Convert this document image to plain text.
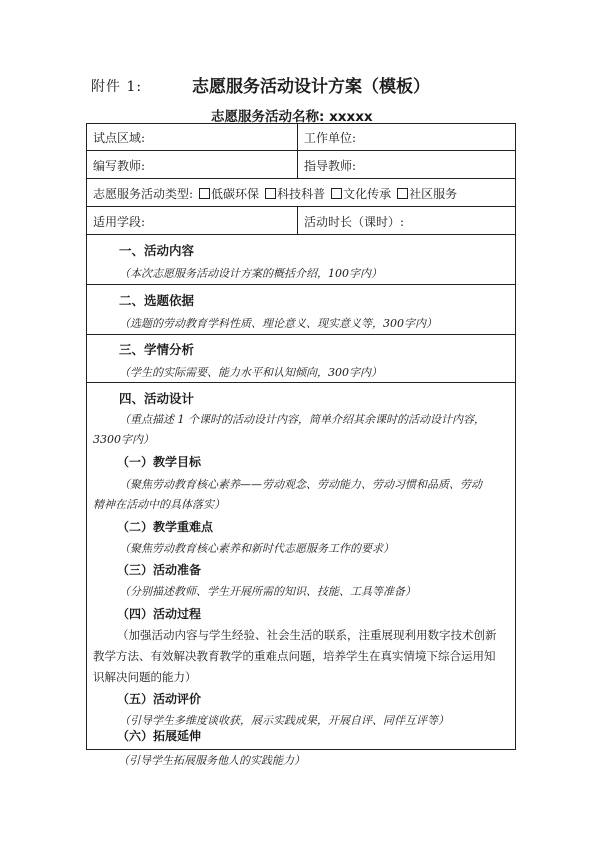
附件 1:	志愿服务活动设计方案（模板）
志愿服务活动名称: xxxxx
试点区域:	工作单位:
编写教师:	指导教师:
志愿服务活动类型: 低碳环保 科技科普 文化传承 社区服务
适用学段:	活动时长（课时）:
一、活动内容
（本次志愿服务活动设计方案的概括介绍，100字内）
二、选题依据
（选题的劳动教育学科性质、理论意义、现实意义等，300字内）
三、学情分析
（学生的实际需要、能力水平和认知倾向，300字内）
四、活动设计
（重点描述 1 个课时的活动设计内容，简单介绍其余课时的活动设计内容，
3300字内）
（一）教学目标
（聚焦劳动教育核心素养——劳动观念、劳动能力、劳动习惯和品质、劳动
精神在活动中的具体落实）
（二）教学重难点
（聚焦劳动教育核心素养和新时代志愿服务工作的要求）
（三）活动准备
（分别描述教师、学生开展所需的知识、技能、工具等准备）
（四）活动过程
（加强活动内容与学生经验、社会生活的联系，注重展现利用数字技术创新
教学方法、有效解决教育教学的重难点问题，培养学生在真实情境下综合运用知
识解决问题的能力）
（五）活动评价
（引导学生多维度谈收获，展示实践成果，开展自评、同伴互评等）
（六）拓展延伸
（引导学生拓展服务他人的实践能力）
